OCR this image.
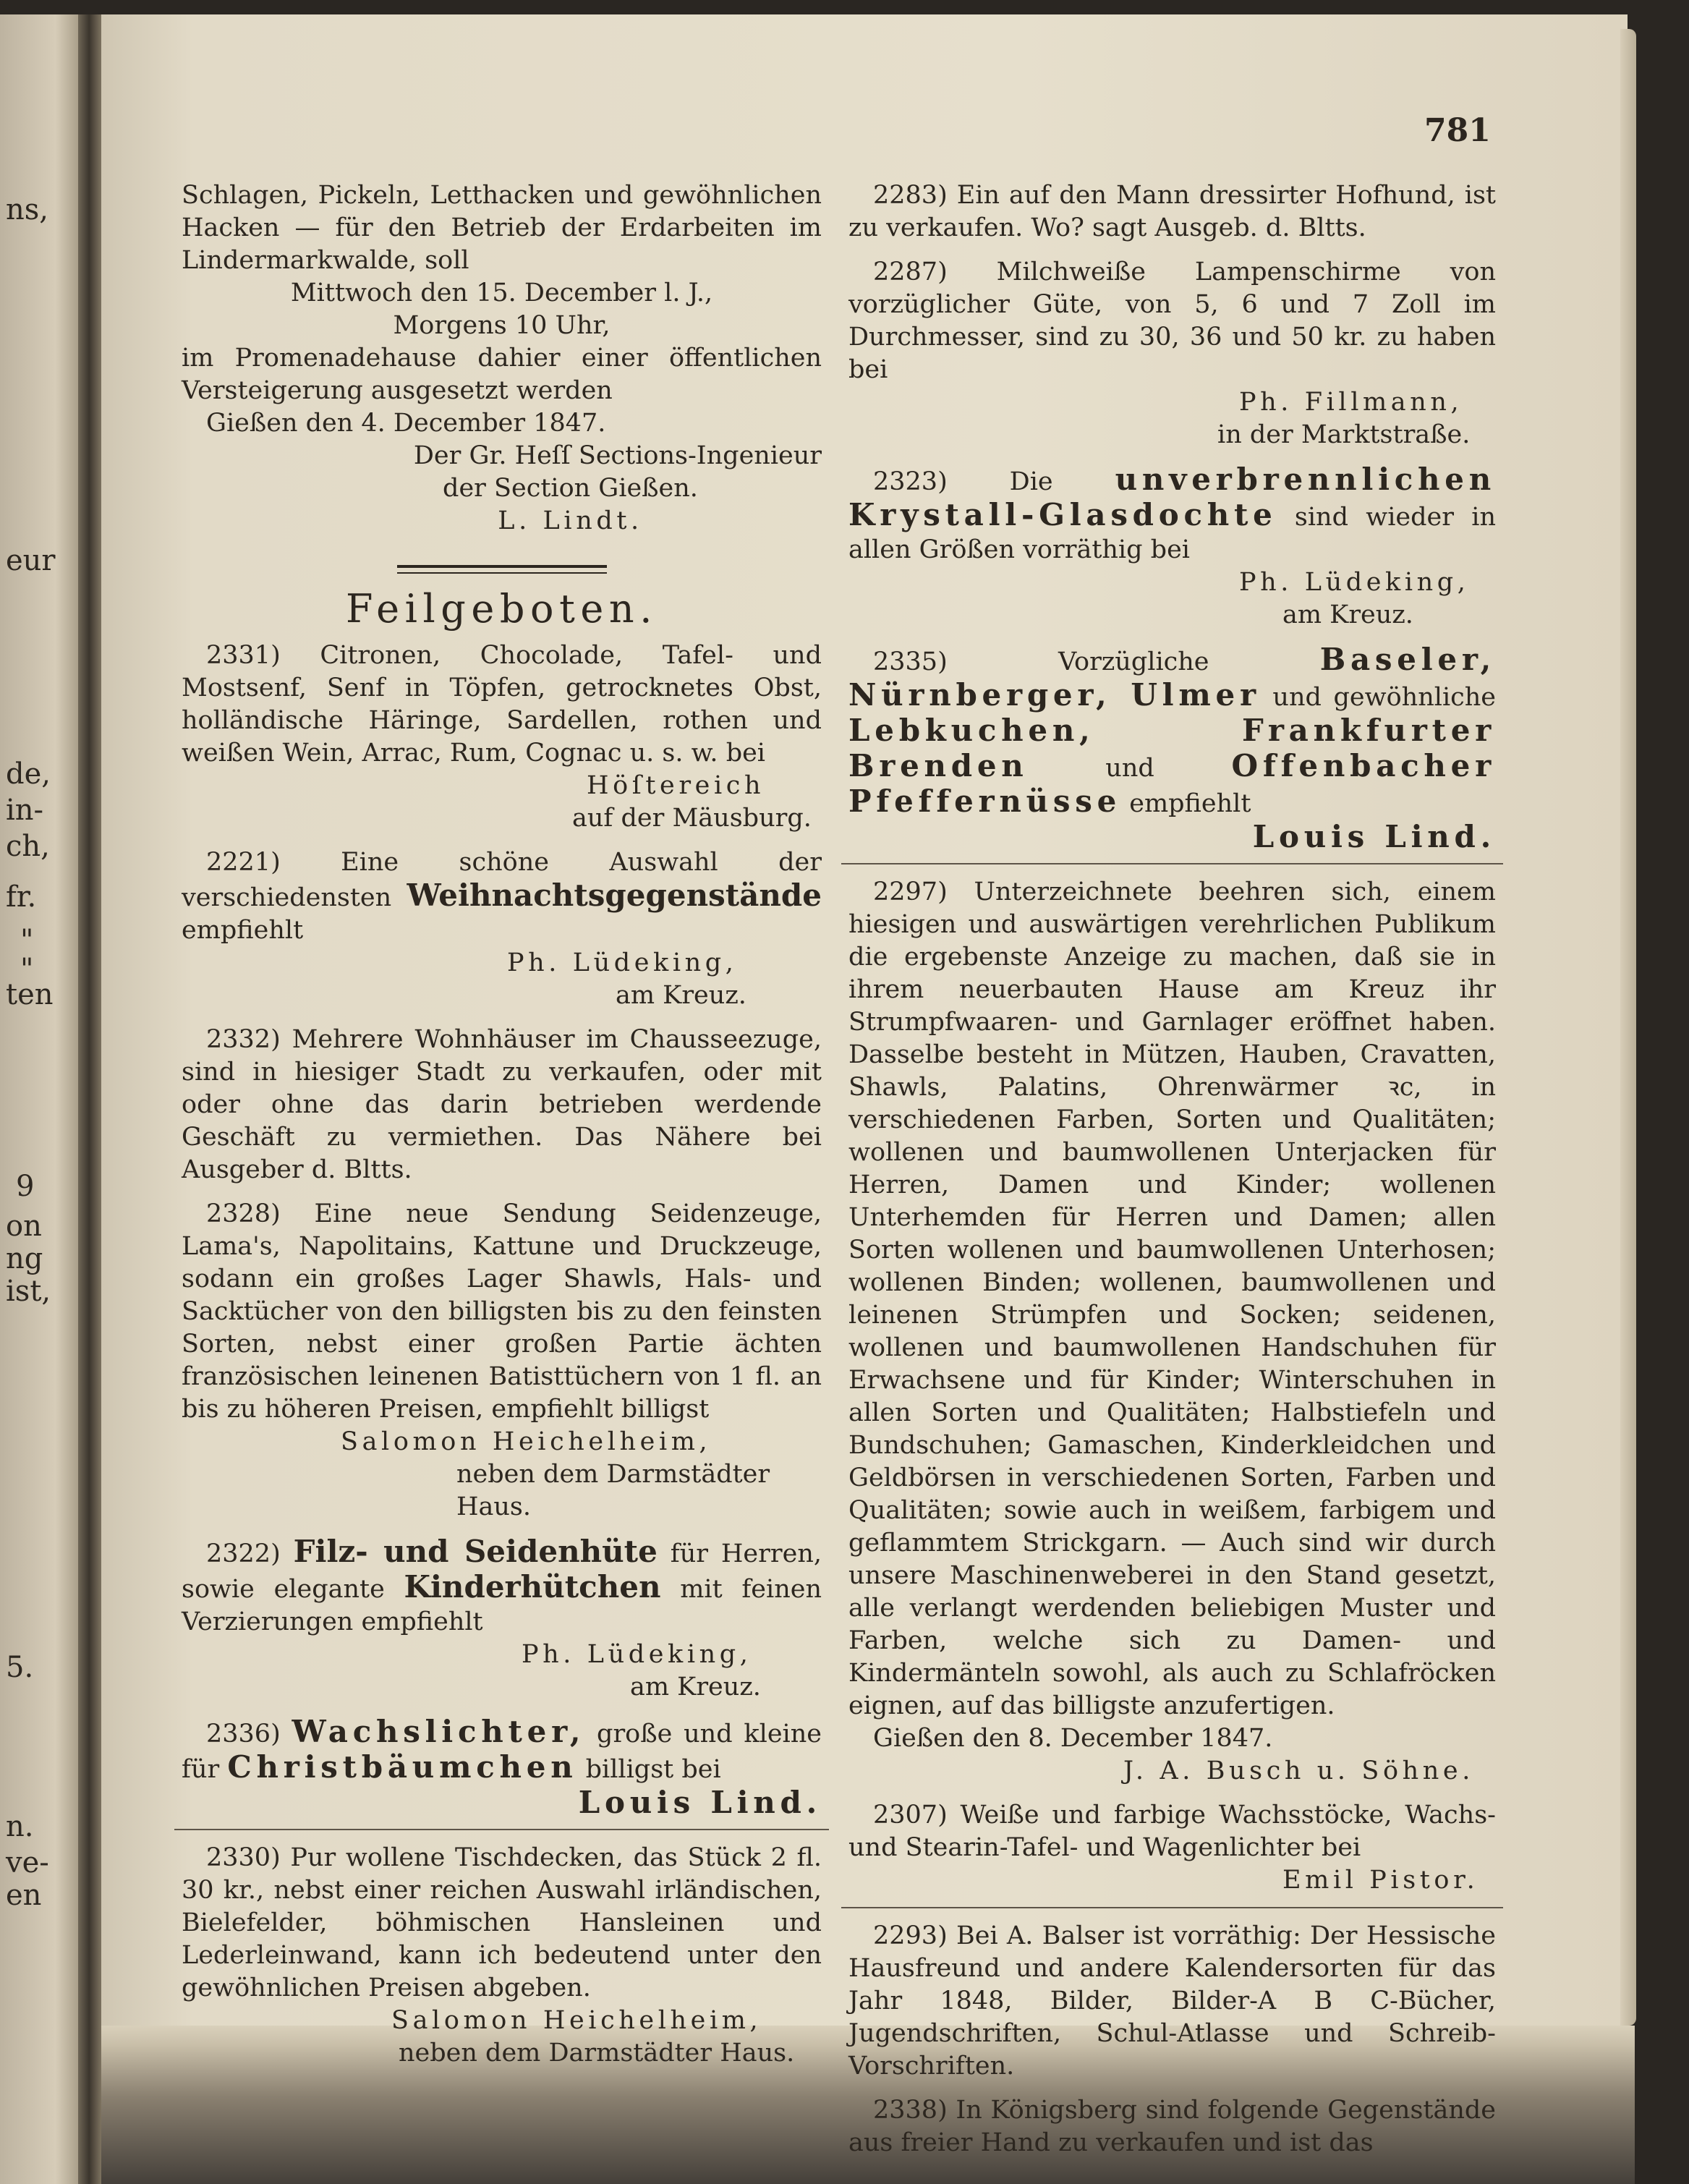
ns,
eur
de,
in-
ch,
fr.
"
"
ten
9
on
ng
ist,
5.
n.
ve-
en
781
Schlagen, Pickeln, Letthacken und gewöhnlichen Hacken — für den Betrieb der Erdarbeiten im Lindermarkwalde, soll
Mittwoch den 15. December l. J.,
Morgens 10 Uhr,
im Promenadehause dahier einer öffentlichen Versteigerung ausgesetzt werden
Gießen den 4. December 1847.
Der Gr. Heſſ Sections-Ingenieur
der Section Gießen.
L. Lindt.
Feilgeboten.
2331) Citronen, Chocolade, Tafel- und Mostsenf, Senf in Töpfen, getrocknetes Obst, holländische Häringe, Sardellen, rothen und weißen Wein, Arrac, Rum, Cognac u. s. w. bei
Höſtereich
auf der Mäusburg.
2221) Eine schöne Auswahl der verschiedensten Weihnachtsgegenstände empfiehlt
Ph. Lüdeking,
am Kreuz.
2332) Mehrere Wohnhäuser im Chausseezuge, sind in hiesiger Stadt zu verkaufen, oder mit oder ohne das darin betrieben werdende Geschäft zu vermiethen. Das Nähere bei Ausgeber d. Bltts.
2328) Eine neue Sendung Seidenzeuge, Lama's, Napolitains, Kattune und Druckzeuge, sodann ein großes Lager Shawls, Hals- und Sacktücher von den billigsten bis zu den feinsten Sorten, nebst einer großen Partie ächten französischen leinenen Batisttüchern von 1 fl. an bis zu höheren Preisen, empfiehlt billigst
Salomon Heichelheim,
neben dem Darmstädter Haus.
2322) Filz- und Seidenhüte für Herren, sowie elegante Kinderhütchen mit feinen Verzierungen empfiehlt
Ph. Lüdeking,
am Kreuz.
2336) Wachslichter, große und kleine für Christbäumchen billigst bei
Louis Lind.
2330) Pur wollene Tischdecken, das Stück 2 fl. 30 kr., nebst einer reichen Auswahl irländischen, Bielefelder, böhmischen Hansleinen und Lederleinwand, kann ich bedeutend unter den gewöhnlichen Preisen abgeben.
Salomon Heichelheim,
neben dem Darmstädter Haus.
2283) Ein auf den Mann dressirter Hofhund, ist zu verkaufen. Wo? sagt Ausgeb. d. Bltts.
2287) Milchweiße Lampenschirme von vorzüglicher Güte, von 5, 6 und 7 Zoll im Durchmesser, sind zu 30, 36 und 50 kr. zu haben bei
Ph. Fillmann,
in der Marktstraße.
2323) Die unverbrennlichen Krystall-Glasdochte sind wieder in allen Größen vorräthig bei
Ph. Lüdeking,
am Kreuz.
2335) Vorzügliche	Baseler, Nürnberger, Ulmer und gewöhnliche Lebkuchen, Frankfurter Brenden	und	Offenbacher Pfeffernüsse empfiehlt
Louis Lind.
2297) Unterzeichnete beehren sich, einem hiesigen und auswärtigen verehrlichen Publikum die ergebenste Anzeige zu machen, daß sie in ihrem neuerbauten Hause am Kreuz ihr Strumpfwaaren- und Garnlager eröffnet haben. Dasselbe besteht in Mützen, Hauben, Cravatten, Shawls, Palatins, Ohrenwärmer ꝛc, in verschiedenen Farben, Sorten und Qualitäten; wollenen und baumwollenen Unterjacken für Herren, Damen und Kinder; wollenen Unterhemden für Herren und Damen; allen Sorten wollenen und baumwollenen Unterhosen; wollenen Binden; wollenen, baumwollenen und leinenen Strümpfen und Socken; seidenen, wollenen und baumwollenen Handschuhen für Erwachsene und für Kinder; Winterschuhen in allen Sorten und Qualitäten; Halbstiefeln und Bundschuhen; Gamaschen, Kinderkleidchen und Geldbörsen in verschiedenen Sorten, Farben und Qualitäten; sowie auch in weißem, farbigem und geflammtem Strickgarn. — Auch sind wir durch unsere Maschinenweberei in den Stand gesetzt, alle verlangt werdenden beliebigen Muster und Farben, welche sich zu Damen- und Kindermänteln sowohl, als auch zu Schlafröcken eignen, auf das billigste anzufertigen.
Gießen den 8. December 1847.
J. A. Busch u. Söhne.
2307) Weiße und farbige Wachsstöcke, Wachs- und Stearin-Tafel- und Wagenlichter bei
Emil Pistor.
2293) Bei A. Balser ist vorräthig: Der Hessische Hausfreund und andere Kalendersorten für das Jahr 1848, Bilder, Bilder-A B C-Bücher, Jugendschriften, Schul-Atlasse und Schreib-Vorschriften.
2338) In Königsberg sind folgende Gegenstände aus freier Hand zu verkaufen und ist das
